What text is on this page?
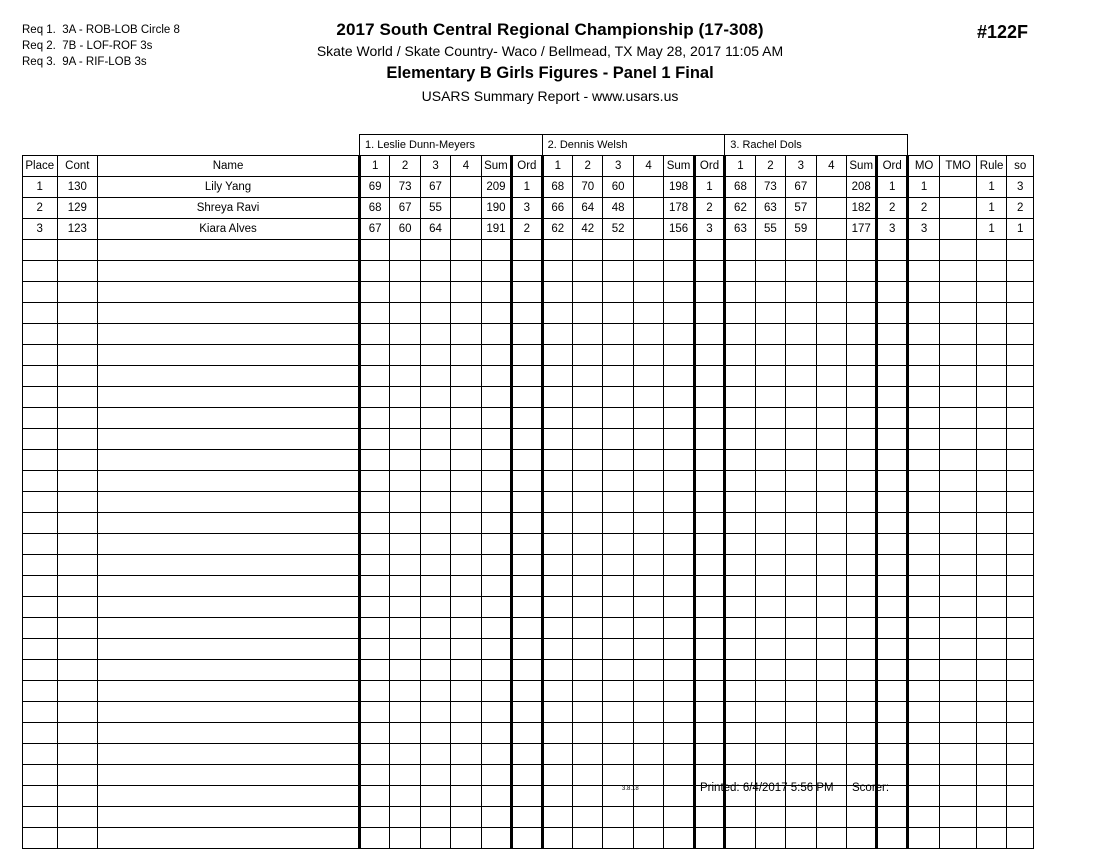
Req 1.  3A - ROB-LOB Circle 8
Req 2.  7B - LOF-ROF 3s
Req 3.  9A - RIF-LOB 3s
2017 South Central Regional Championship (17-308)
Skate World / Skate Country- Waco / Bellmead, TX May 28, 2017 11:05 AM
Elementary B Girls Figures - Panel 1 Final
USARS Summary Report - www.usars.us
#122F
			1. Leslie Dunn-Meyers						2. Dennis Welsh						3. Rachel Dols									
Place	Cont	Name	1	2	3	4	Sum	Ord	1	2	3	4	Sum	Ord	1	2	3	4	Sum	Ord	MO	TMO	Rule	so
1	130	Lily Yang	69	73	67		209	1	68	70	60		198	1	68	73	67		208	1	1		1	3
2	129	Shreya Ravi	68	67	55		190	3	66	64	48		178	2	62	63	57		182	2	2		1	2
3	123	Kiara Alves	67	60	64		191	2	62	42	52		156	3	63	55	59		177	3	3		1	1

3.8.18	Printed: 6/4/2017 5:56 PM Scorer:
